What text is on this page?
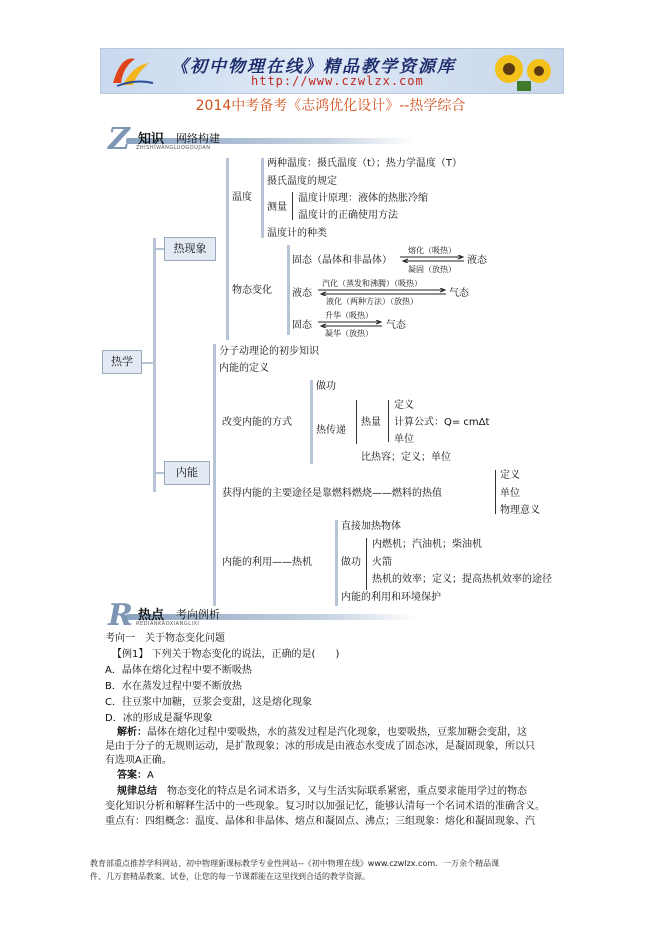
《初中物理在线》精品教学资源库
http://www.czwlzx.com
2014中考备考《志鸿优化设计》--热学综合
Z 知识 网络构建
ZHISHIWANGLUOGOUJIAN
热学
热现象
内能
温度
两种温度：摄氏温度（t）；热力学温度（T）
摄氏温度的规定
测量
温度计原理：液体的热胀冷缩
温度计的正确使用方法
温度计的种类
物态变化
固态（晶体和非晶体）
熔化（吸热）
凝固（放热）
液态
液态
汽化（蒸发和沸腾）（吸热）
液化（两种方法）（放热）
气态
固态
升华（吸热）
凝华（放热）
气态
分子动理论的初步知识
内能的定义
改变内能的方式
做功
热传递
热量
定义
计算公式：Q= cmΔt
单位
比热容；定义；单位
获得内能的主要途径是靠燃料燃烧——燃料的热值
定义
单位
物理意义
内能的利用——热机
直接加热物体
做功
内燃机；汽油机；柴油机
火箭
热机的效率；定义；提高热机效率的途径
内能的利用和环境保护
R 热点 考向例析
REDIANKAOXIANGLIXI
考向一　关于物态变化问题
【例1】 下列关于物态变化的说法，正确的是(　　)
A．晶体在熔化过程中要不断吸热
B．水在蒸发过程中要不断放热
C．往豆浆中加糖，豆浆会变甜，这是熔化现象
D．冰的形成是凝华现象
解析：晶体在熔化过程中要吸热，水的蒸发过程是汽化现象，也要吸热，豆浆加糖会变甜，这
是由于分子的无规则运动，是扩散现象；冰的形成是由液态水变成了固态冰，是凝固现象，所以只
有选项A正确。
答案：A
规律总结 物态变化的特点是名词术语多，又与生活实际联系紧密，重点要求能用学过的物态
变化知识分析和解释生活中的一些现象。复习时以加强记忆，能够认清每一个名词术语的准确含义。
重点有：四组概念：温度、晶体和非晶体、熔点和凝固点、沸点；三组现象：熔化和凝固现象、汽
教育部重点推荐学科网站、初中物理新课标教学专业性网站--《初中物理在线》www.czwlzx.com．一万余个精品课
件、几万套精品教案、试卷，让您的每一节课都能在这里找到合适的教学资源。
